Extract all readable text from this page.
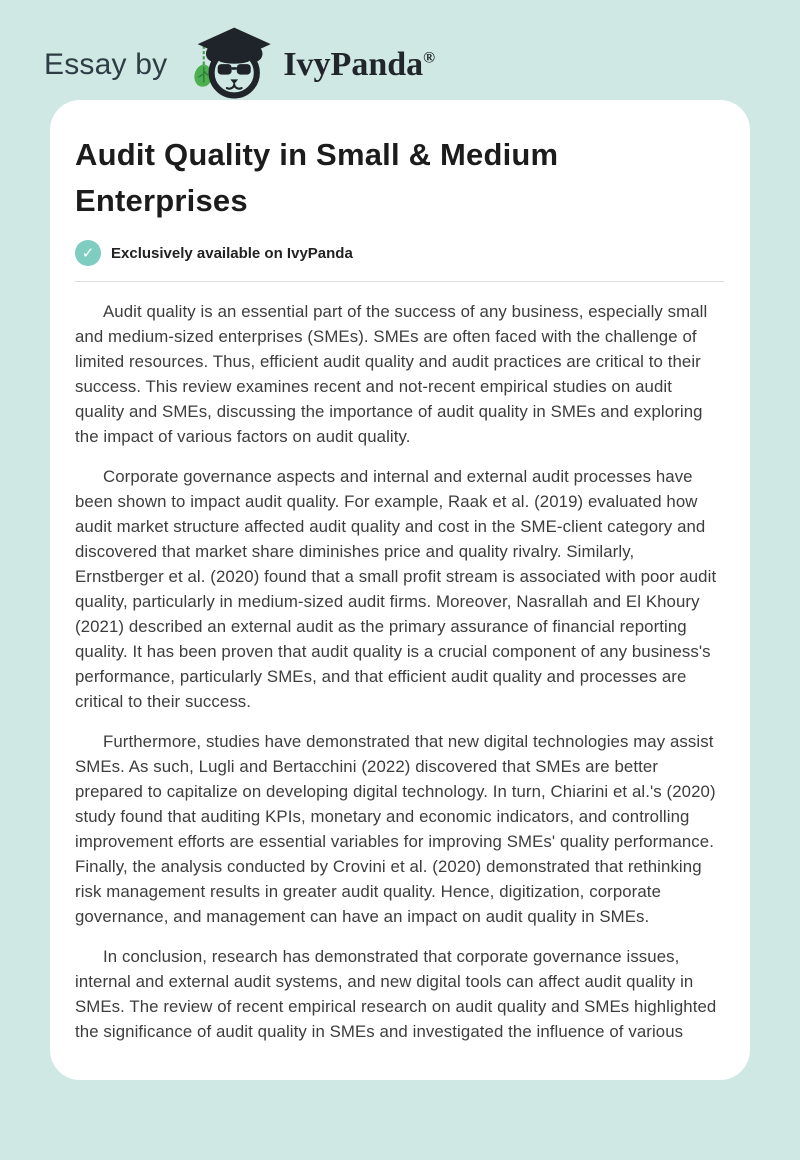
Essay by	IvyPanda®
Audit Quality in Small & Medium Enterprises
✓	Exclusively available on IvyPanda

Audit quality is an essential part of the success of any business, especially small and medium-sized enterprises (SMEs). SMEs are often faced with the challenge of limited resources. Thus, efficient audit quality and audit practices are critical to their success. This review examines recent and not-recent empirical studies on audit quality and SMEs, discussing the importance of audit quality in SMEs and exploring the impact of various factors on audit quality.

Corporate governance aspects and internal and external audit processes have been shown to impact audit quality. For example, Raak et al. (2019) evaluated how audit market structure affected audit quality and cost in the SME-client category and discovered that market share diminishes price and quality rivalry. Similarly, Ernstberger et al. (2020) found that a small profit stream is associated with poor audit quality, particularly in medium-sized audit firms. Moreover, Nasrallah and El Khoury (2021) described an external audit as the primary assurance of financial reporting quality. It has been proven that audit quality is a crucial component of any business's performance, particularly SMEs, and that efficient audit quality and processes are critical to their success.

Furthermore, studies have demonstrated that new digital technologies may assist SMEs. As such, Lugli and Bertacchini (2022) discovered that SMEs are better prepared to capitalize on developing digital technology. In turn, Chiarini et al.'s (2020) study found that auditing KPIs, monetary and economic indicators, and controlling improvement efforts are essential variables for improving SMEs' quality performance. Finally, the analysis conducted by Crovini et al. (2020) demonstrated that rethinking risk management results in greater audit quality. Hence, digitization, corporate governance, and management can have an impact on audit quality in SMEs.

In conclusion, research has demonstrated that corporate governance issues, internal and external audit systems, and new digital tools can affect audit quality in SMEs. The review of recent empirical research on audit quality and SMEs highlighted the significance of audit quality in SMEs and investigated the influence of various
